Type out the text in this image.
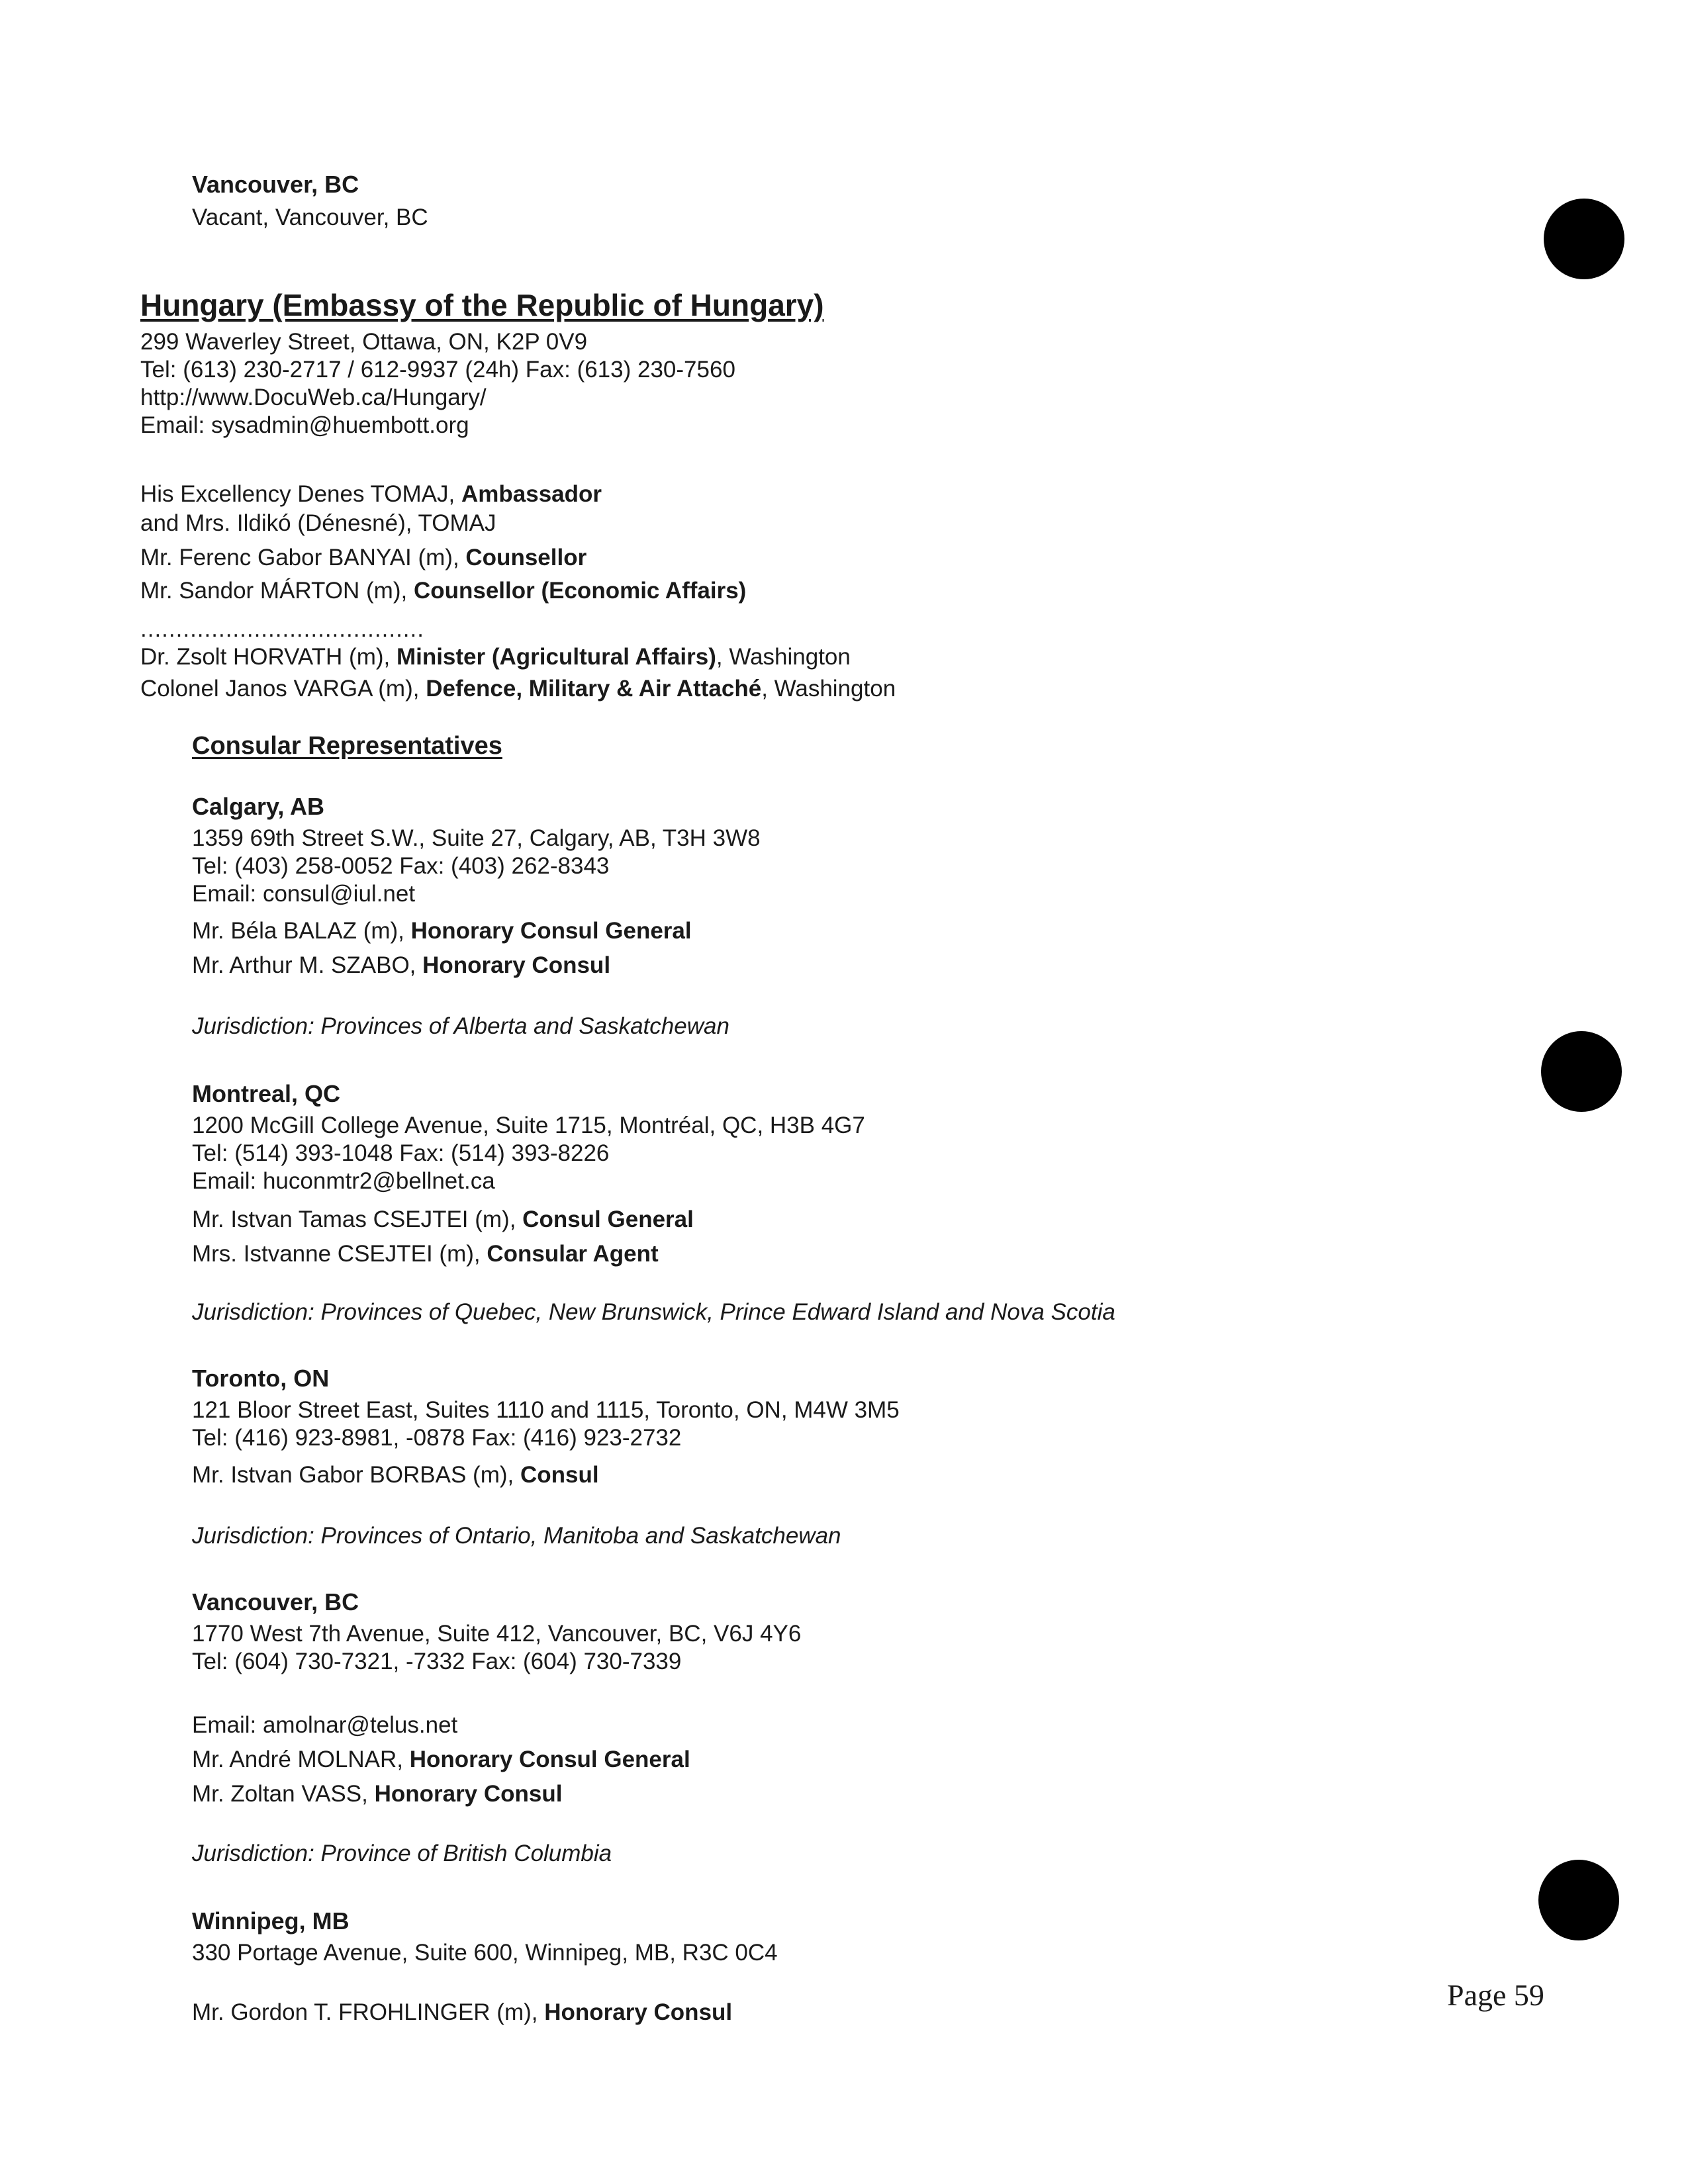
Vancouver, BC
Vacant, Vancouver, BC
Hungary (Embassy of the Republic of Hungary)
299 Waverley Street, Ottawa, ON, K2P 0V9
Tel: (613) 230-2717 / 612-9937 (24h) Fax: (613) 230-7560
http://www.DocuWeb.ca/Hungary/
Email: sysadmin@huembott.org
His Excellency Denes TOMAJ, Ambassador
and Mrs. Ildikó (Dénesné), TOMAJ
Mr. Ferenc Gabor BANYAI (m), Counsellor
Mr. Sandor MÁRTON (m), Counsellor (Economic Affairs)
........................................
Dr. Zsolt HORVATH (m), Minister (Agricultural Affairs), Washington
Colonel Janos VARGA (m), Defence, Military & Air Attaché, Washington
Consular Representatives
Calgary, AB
1359 69th Street S.W., Suite 27, Calgary, AB, T3H 3W8
Tel: (403) 258-0052 Fax: (403) 262-8343
Email: consul@iul.net
Mr. Béla BALAZ (m), Honorary Consul General
Mr. Arthur M. SZABO, Honorary Consul
Jurisdiction: Provinces of Alberta and Saskatchewan
Montreal, QC
1200 McGill College Avenue, Suite 1715, Montréal, QC, H3B 4G7
Tel: (514) 393-1048 Fax: (514) 393-8226
Email: huconmtr2@bellnet.ca
Mr. Istvan Tamas CSEJTEI (m), Consul General
Mrs. Istvanne CSEJTEI (m), Consular Agent
Jurisdiction: Provinces of Quebec, New Brunswick, Prince Edward Island and Nova Scotia
Toronto, ON
121 Bloor Street East, Suites 1110 and 1115, Toronto, ON, M4W 3M5
Tel: (416) 923-8981, -0878 Fax: (416) 923-2732
Mr. Istvan Gabor BORBAS (m), Consul
Jurisdiction: Provinces of Ontario, Manitoba and Saskatchewan
Vancouver, BC
1770 West 7th Avenue, Suite 412, Vancouver, BC, V6J 4Y6
Tel: (604) 730-7321, -7332 Fax: (604) 730-7339
Email: amolnar@telus.net
Mr. André MOLNAR, Honorary Consul General
Mr. Zoltan VASS, Honorary Consul
Jurisdiction: Province of British Columbia
Winnipeg, MB
330 Portage Avenue, Suite 600, Winnipeg, MB, R3C 0C4
Mr. Gordon T. FROHLINGER (m), Honorary Consul
Page 59
